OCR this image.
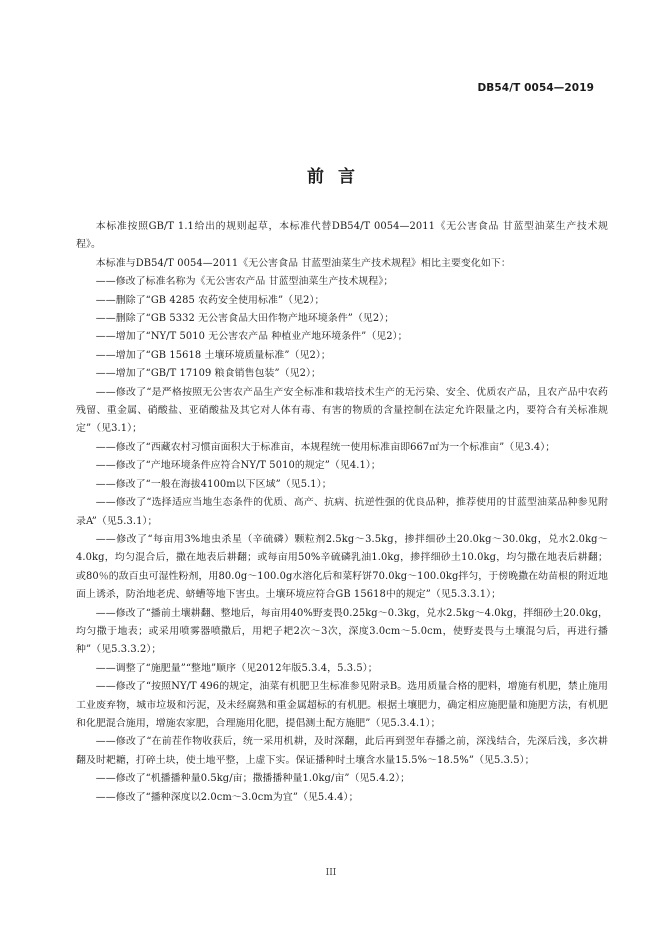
DB54/T 0054—2019
前言

本标准按照GB/T 1.1给出的规则起草，本标准代替DB54/T 0054—2011《无公害食品 甘蓝型油菜生产技术规程》。

本标准与DB54/T 0054—2011《无公害食品 甘蓝型油菜生产技术规程》相比主要变化如下：

——修改了标准名称为《无公害农产品 甘蓝型油菜生产技术规程》；

——删除了“GB 4285 农药安全使用标准”（见2）；

——删除了“GB 5332 无公害食品大田作物产地环境条件”（见2）；

——增加了“NY/T 5010 无公害农产品 种植业产地环境条件”（见2）；

——增加了“GB 15618 土壤环境质量标准”（见2）；

——增加了“GB/T 17109 粮食销售包装”（见2）；

——修改了“是严格按照无公害农产品生产安全标准和栽培技术生产的无污染、安全、优质农产品，且农产品中农药残留、重金属、硝酸盐、亚硝酸盐及其它对人体有毒、有害的物质的含量控制在法定允许限量之内，要符合有关标准规定”（见3.1）；

——修改了“西藏农村习惯亩面积大于标准亩，本规程统一使用标准亩即667㎡为一个标准亩”（见3.4）；

——修改了“产地环境条件应符合NY/T 5010的规定”（见4.1）；

——修改了“一般在海拔4100m以下区域”（见5.1）；

——修改了“选择适应当地生态条件的优质、高产、抗病、抗逆性强的优良品种，推荐使用的甘蓝型油菜品种参见附录A”（见5.3.1）；

——修改了“每亩用3%地虫杀星（辛硫磷）颗粒剂2.5kg～3.5kg，掺拌细砂土20.0kg～30.0kg，兑水2.0kg～4.0kg，均匀混合后，撒在地表后耕翻；或每亩用50%辛硫磷乳油1.0kg，掺拌细砂土10.0kg，均匀撒在地表后耕翻；或80％的敌百虫可湿性粉剂，用80.0g～100.0g水溶化后和菜籽饼70.0kg～100.0kg拌匀，于傍晚撒在幼苗根的附近地面上诱杀，防治地老虎、蛴螬等地下害虫。土壤环境应符合GB 15618中的规定”（见5.3.3.1）；

——修改了“播前土壤耕翻、整地后，每亩用40%野麦畏0.25kg～0.3kg，兑水2.5kg～4.0kg，拌细砂土20.0kg，均匀撒于地表；或采用喷雾器喷撒后，用耙子耙2次～3次，深度3.0cm～5.0cm，使野麦畏与土壤混匀后，再进行播种”（见5.3.3.2）；

——调整了“施肥量”“整地”顺序（见2012年版5.3.4，5.3.5）；

——修改了“按照NY/T 496的规定，油菜有机肥卫生标准参见附录B。选用质量合格的肥料，增施有机肥，禁止施用工业废弃物，城市垃圾和污泥，及未经腐熟和重金属超标的有机肥。根据土壤肥力，确定相应施肥量和施肥方法，有机肥和化肥混合施用，增施农家肥，合理施用化肥，提倡测土配方施肥”（见5.3.4.1）；

——修改了“在前茬作物收获后，统一采用机耕，及时深翻，此后再到翌年春播之前，深浅结合，先深后浅，多次耕翻及时耙耱，打碎土块，使土地平整，上虚下实。保证播种时土壤含水量15.5%～18.5%”（见5.3.5）；

——修改了“机播播种量0.5kg/亩；撒播播种量1.0kg/亩”（见5.4.2）；

——修改了“播种深度以2.0cm～3.0cm为宜”（见5.4.4）；

III
